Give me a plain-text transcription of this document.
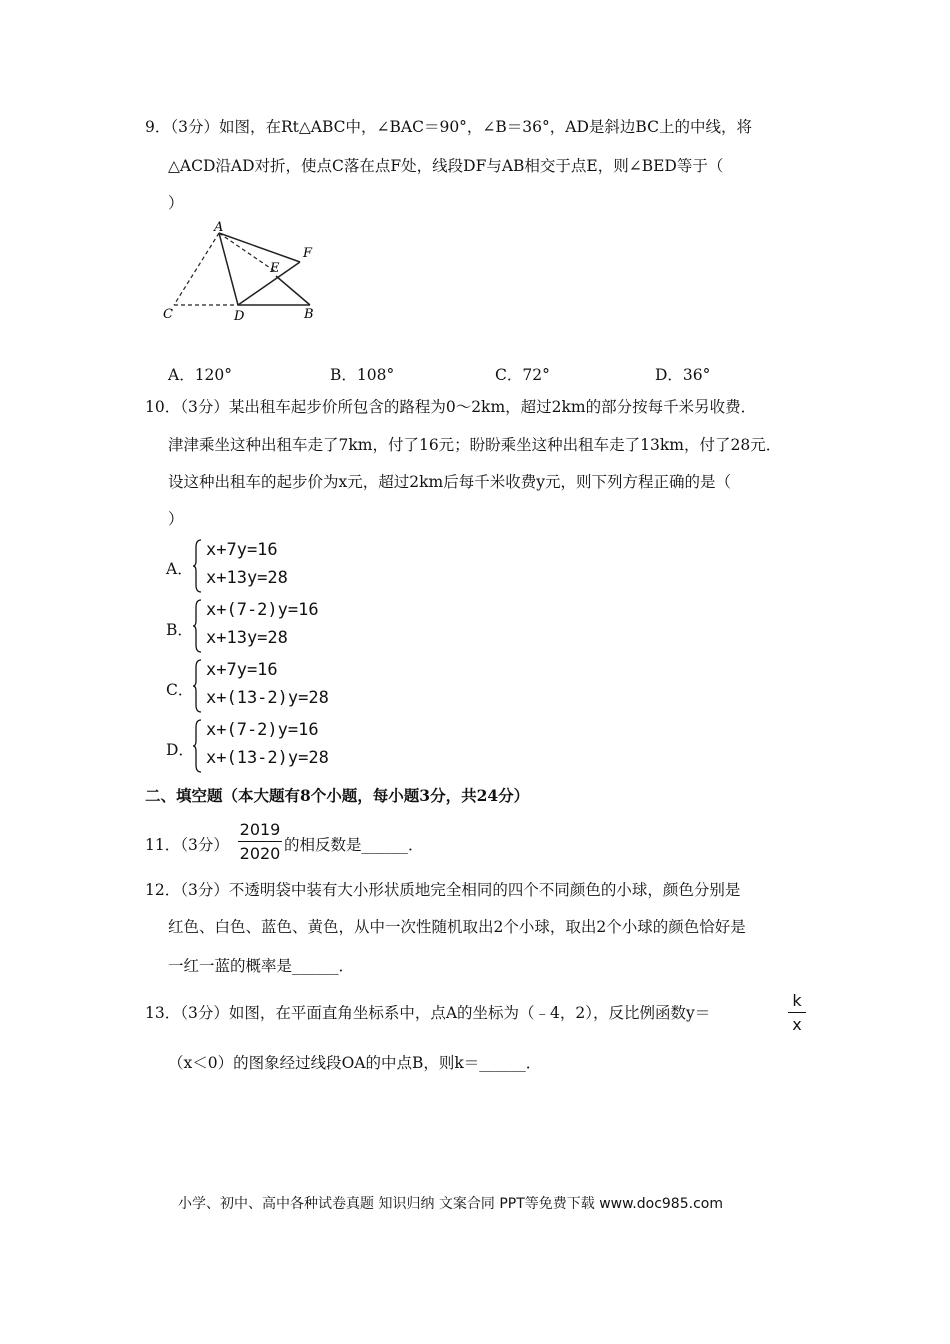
9．（3分）如图，在Rt△ABC中，∠BAC＝90°，∠B＝36°，AD是斜边BC上的中线，将
△ACD沿AD对折，使点C落在点F处，线段DF与AB相交于点E，则∠BED等于（
）
A
C	D	B
E
F
A．120°	B．108°	C．72°	D．36°
10．（3分）某出租车起步价所包含的路程为0～2km，超过2km的部分按每千米另收费．
津津乘坐这种出租车走了7km，付了16元；盼盼乘坐这种出租车走了13km，付了28元．
设这种出租车的起步价为x元，超过2km后每千米收费y元，则下列方程正确的是（
）
A．
x+7y=16
x+13y=28
B．
x+(7-2)y=16
x+13y=28
C．
x+7y=16
x+(13-2)y=28
D．
x+(7-2)y=16
x+(13-2)y=28
二、填空题（本大题有8个小题，每小题3分，共24分）
11．（3分）
2019
2020 的相反数是______．
12．（3分）不透明袋中装有大小形状质地完全相同的四个不同颜色的小球，颜色分别是
红色、白色、蓝色、黄色，从中一次性随机取出2个小球，取出2个小球的颜色恰好是
一红一蓝的概率是______．
13．（3分）如图，在平面直角坐标系中，点A的坐标为（﹣4，2），反比例函数y＝
k
x
（x＜0）的图象经过线段OA的中点B，则k＝______．
小学、初中、高中各种试卷真题 知识归纳 文案合同 PPT等免费下载 www.doc985.com
